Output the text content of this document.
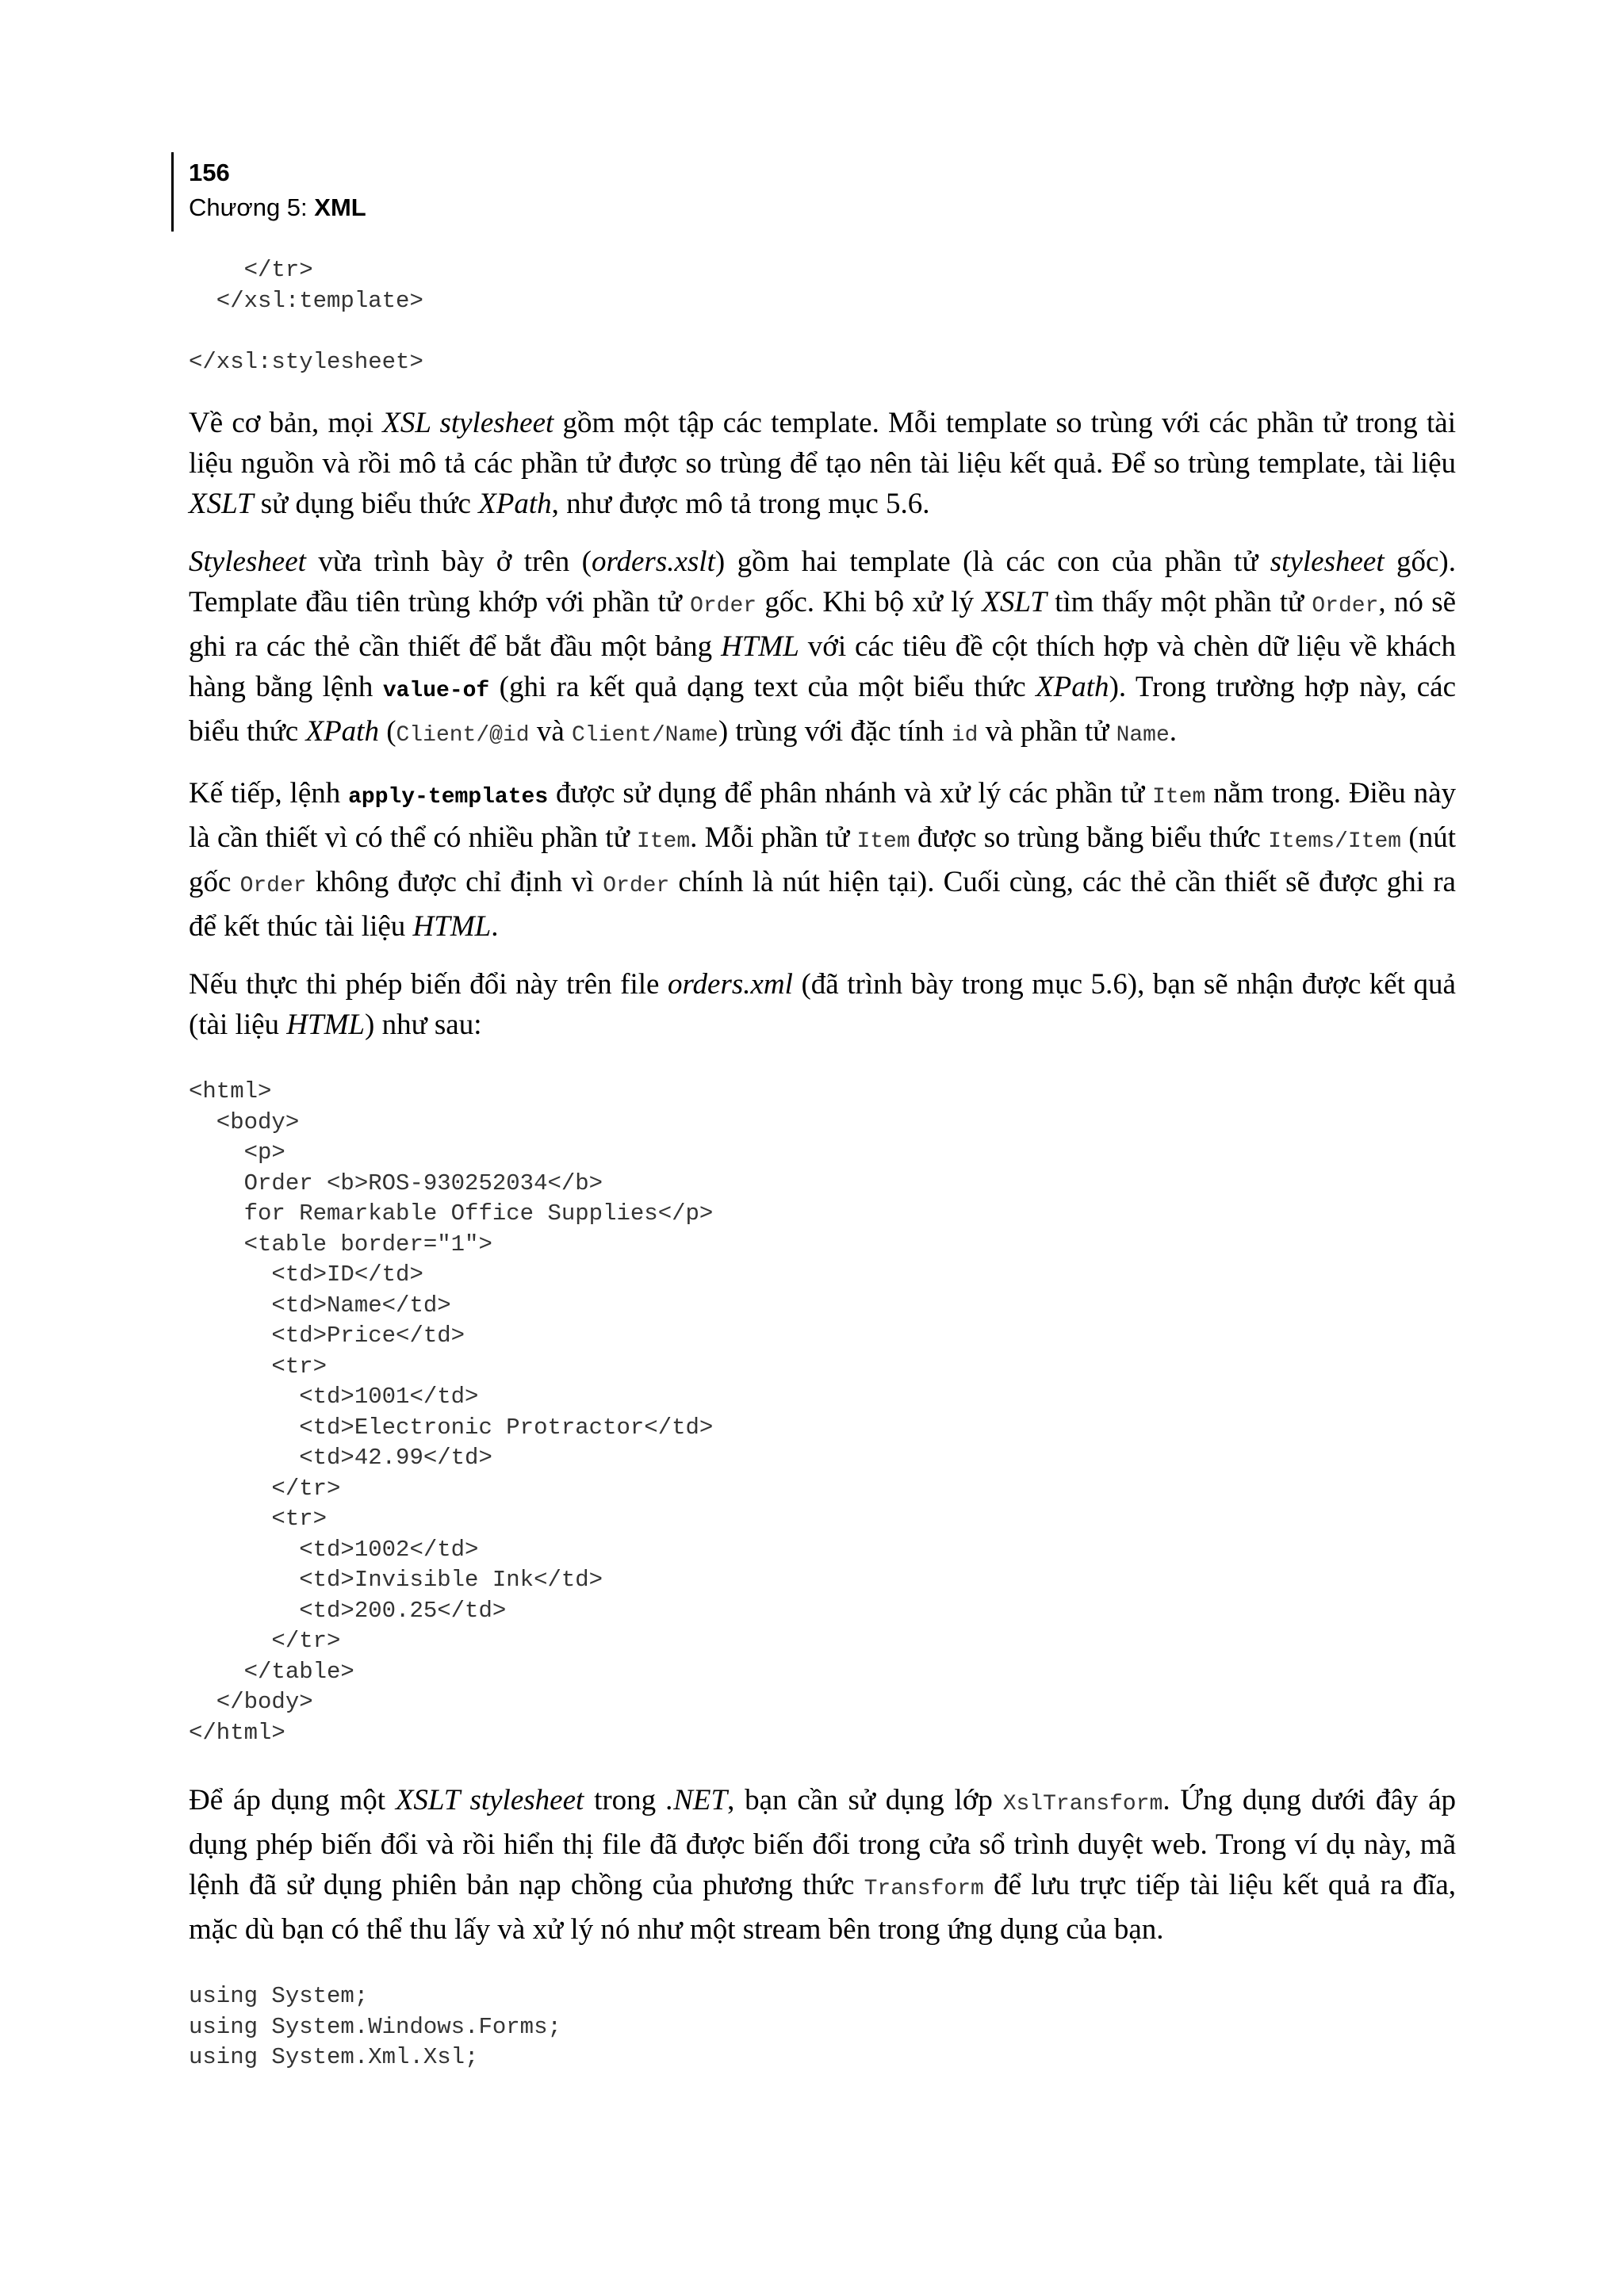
156
Chương 5: XML
</tr>
</xsl:template>

</xsl:stylesheet>

Về cơ bản, mọi XSL stylesheet gồm một tập các template. Mỗi template so trùng với các phần tử trong tài liệu nguồn và rồi mô tả các phần tử được so trùng để tạo nên tài liệu kết quả. Để so trùng template, tài liệu XSLT sử dụng biểu thức XPath, như được mô tả trong mục 5.6.

Stylesheet vừa trình bày ở trên (orders.xslt) gồm hai template (là các con của phần tử stylesheet gốc). Template đầu tiên trùng khớp với phần tử Order gốc. Khi bộ xử lý XSLT tìm thấy một phần tử Order, nó sẽ ghi ra các thẻ cần thiết để bắt đầu một bảng HTML với các tiêu đề cột thích hợp và chèn dữ liệu về khách hàng bằng lệnh value-of (ghi ra kết quả dạng text của một biểu thức XPath). Trong trường hợp này, các biểu thức XPath (Client/@id và Client/Name) trùng với đặc tính id và phần tử Name.

Kế tiếp, lệnh apply-templates được sử dụng để phân nhánh và xử lý các phần tử Item nằm trong. Điều này là cần thiết vì có thể có nhiều phần tử Item. Mỗi phần tử Item được so trùng bằng biểu thức Items/Item (nút gốc Order không được chỉ định vì Order chính là nút hiện tại). Cuối cùng, các thẻ cần thiết sẽ được ghi ra để kết thúc tài liệu HTML.

Nếu thực thi phép biến đổi này trên file orders.xml (đã trình bày trong mục 5.6), bạn sẽ nhận được kết quả (tài liệu HTML) như sau:

<html>
<body>
<p>
Order <b>ROS-930252034</b>
for Remarkable Office Supplies</p>
<table border="1">
<td>ID</td>
<td>Name</td>
<td>Price</td>
<tr>
<td>1001</td>
<td>Electronic Protractor</td>
<td>42.99</td>
</tr>
<tr>
<td>1002</td>
<td>Invisible Ink</td>
<td>200.25</td>
</tr>
</table>
</body>
</html>

Để áp dụng một XSLT stylesheet trong .NET, bạn cần sử dụng lớp XslTransform. Ứng dụng dưới đây áp dụng phép biến đổi và rồi hiển thị file đã được biến đổi trong cửa sổ trình duyệt web. Trong ví dụ này, mã lệnh đã sử dụng phiên bản nạp chồng của phương thức Transform để lưu trực tiếp tài liệu kết quả ra đĩa, mặc dù bạn có thể thu lấy và xử lý nó như một stream bên trong ứng dụng của bạn.

using System;
using System.Windows.Forms;
using System.Xml.Xsl;
